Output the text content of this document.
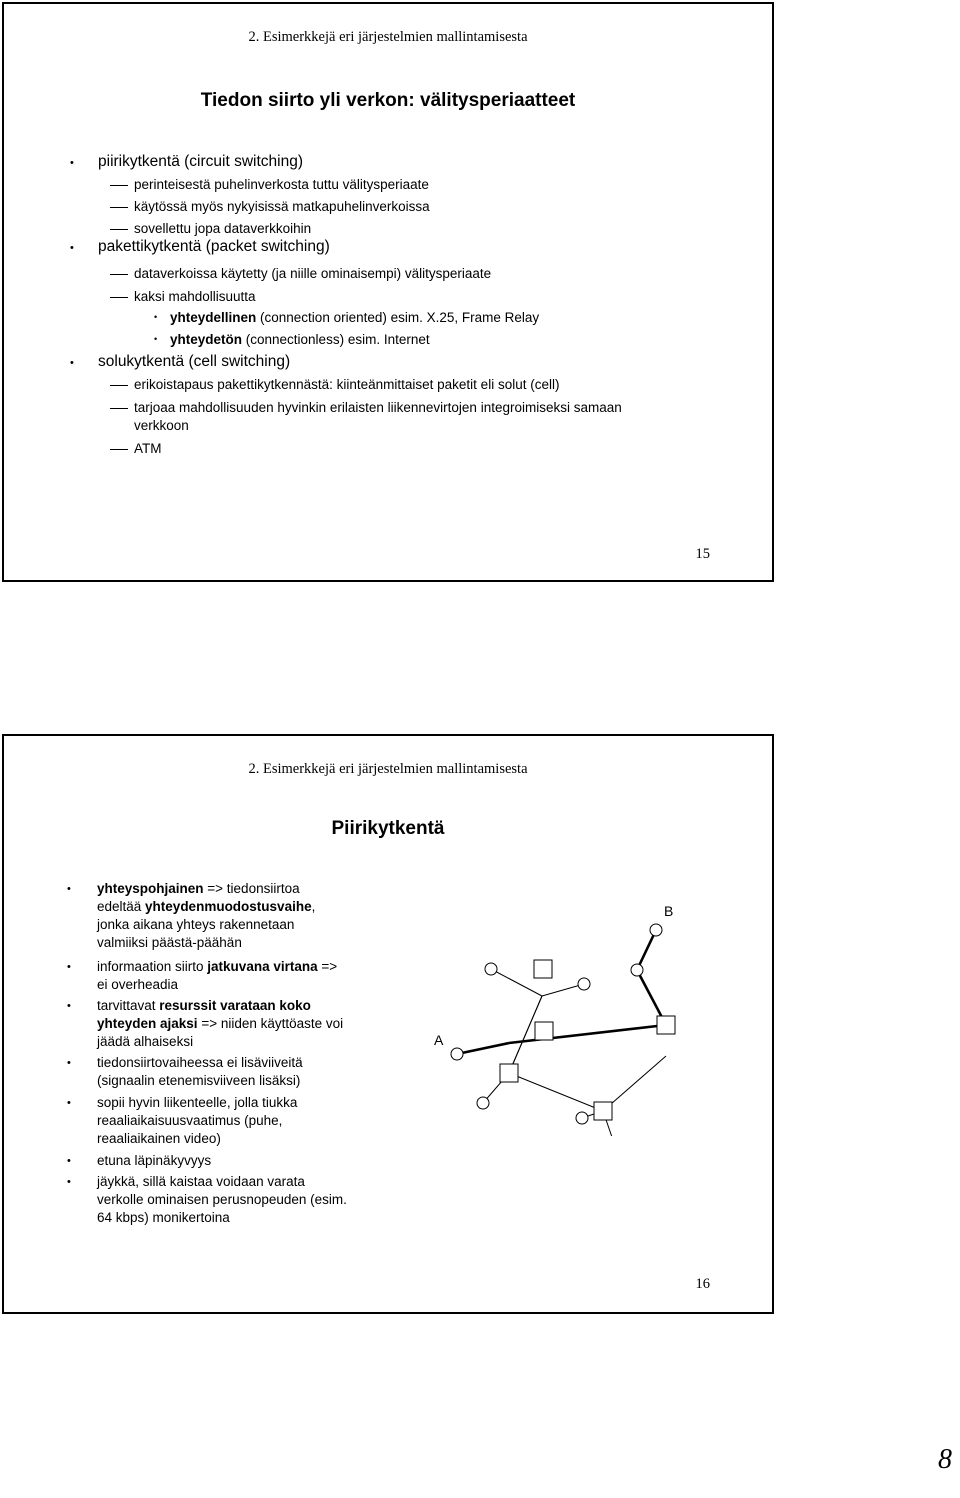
2. Esimerkkejä eri järjestelmien mallintamisesta
Tiedon siirto yli verkon: välitysperiaatteet
• piirikytkentä (circuit switching)
perinteisestä puhelinverkosta tuttu välitysperiaate
käytössä myös nykyisissä matkapuhelinverkoissa
sovellettu jopa dataverkkoihin
• pakettikytkentä (packet switching)
dataverkoissa käytetty (ja niille ominaisempi) välitysperiaate
kaksi mahdollisuutta
• yhteydellinen (connection oriented) esim. X.25, Frame Relay
• yhteydetön (connectionless) esim. Internet
• solukytkentä (cell switching)
erikoistapaus pakettikytkennästä: kiinteänmittaiset paketit eli solut (cell)
tarjoaa mahdollisuuden hyvinkin erilaisten liikennevirtojen integroimiseksi samaan
verkkoon
ATM
15
2. Esimerkkejä eri järjestelmien mallintamisesta
Piirikytkentä
• yhteyspohjainen => tiedonsiirtoa
edeltää yhteydenmuodostusvaihe,
jonka aikana yhteys rakennetaan
valmiiksi päästä-päähän
• informaation siirto jatkuvana virtana =>
ei overheadia
• tarvittavat resurssit varataan koko
yhteyden ajaksi => niiden käyttöaste voi
jäädä alhaiseksi
• tiedonsiirtovaiheessa ei lisäviiveitä
(signaalin etenemisviiveen lisäksi)
• sopii hyvin liikenteelle, jolla tiukka
reaaliaikaisuusvaatimus (puhe,
reaaliaikainen video)
• etuna läpinäkyvyys
• jäykkä, sillä kaistaa voidaan varata
verkolle ominaisen perusnopeuden (esim.
64 kbps) monikertoina
A
B
16
8
